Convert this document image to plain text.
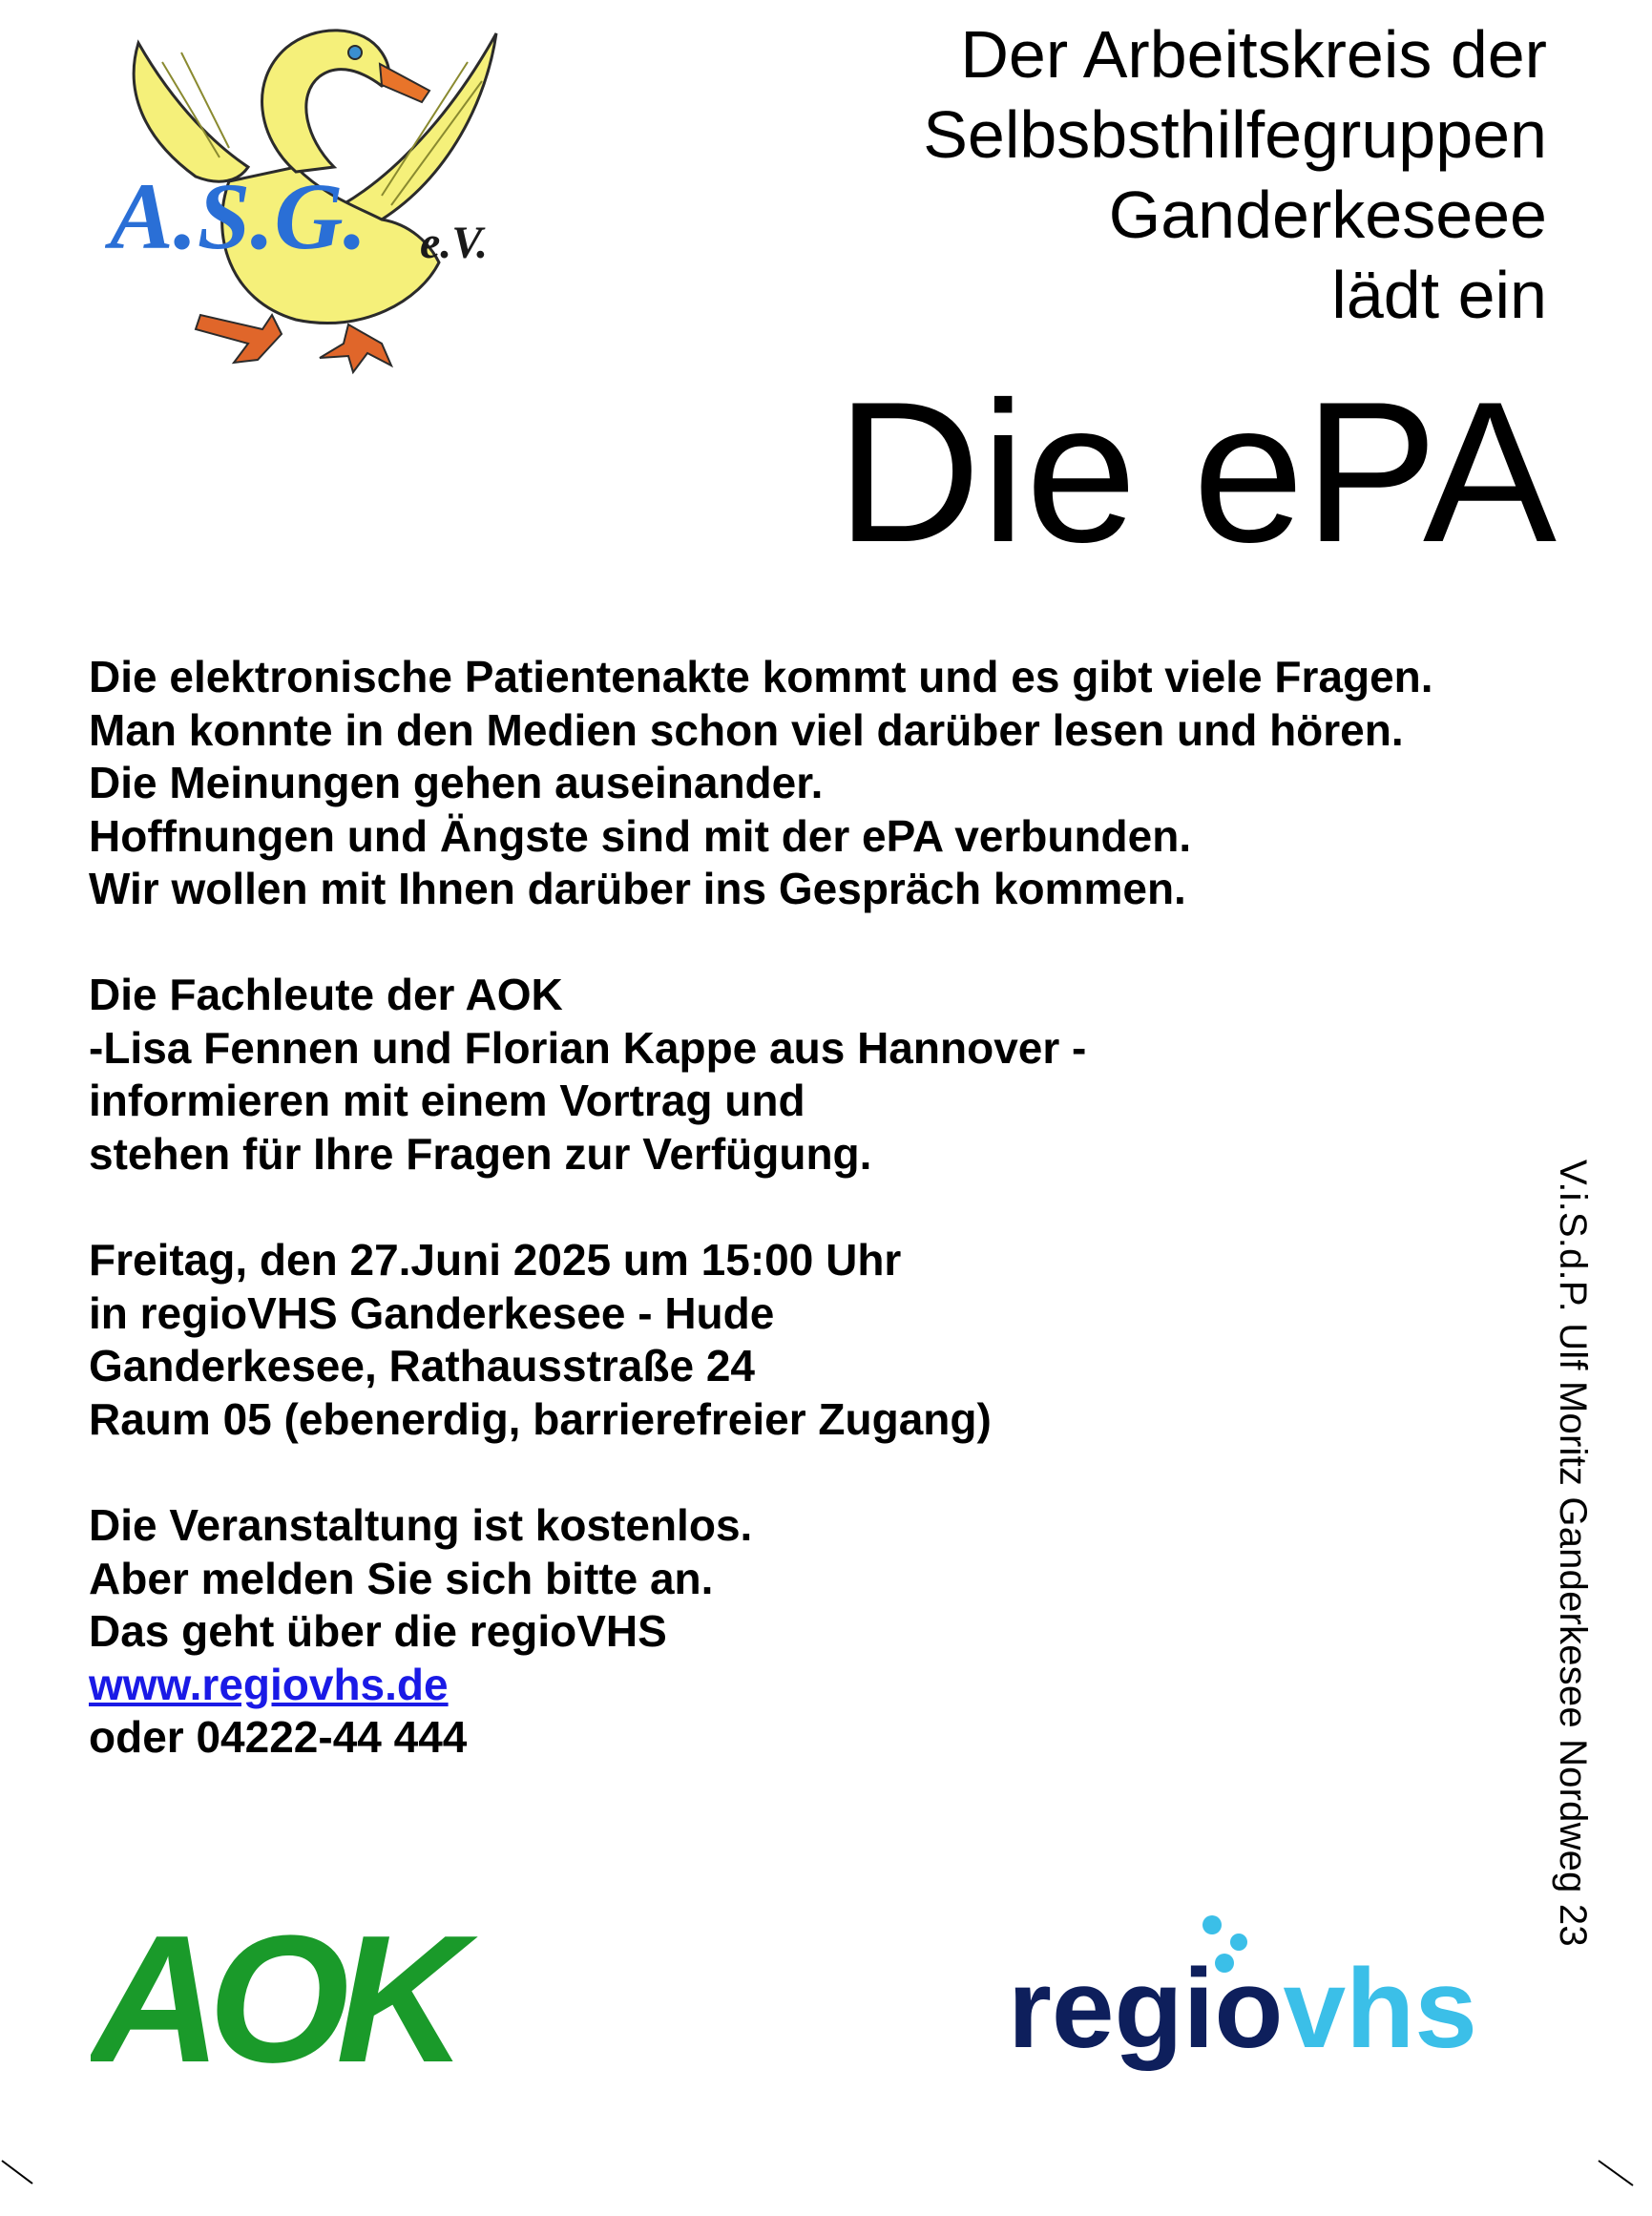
A.S.G. e.V.
Der Arbeitskreis der
Selbsbsthilfegruppen
Ganderkeseee
lädt ein
Die ePA
Die elektronische Patientenakte kommt und es gibt viele Fragen.
Man konnte in den Medien schon viel darüber lesen und hören.
Die Meinungen gehen auseinander.
Hoffnungen und Ängste sind mit der ePA verbunden.
Wir wollen mit Ihnen darüber ins Gespräch kommen.
Die Fachleute der AOK
-Lisa Fennen und Florian Kappe aus Hannover -
informieren mit einem Vortrag und
stehen für Ihre Fragen zur Verfügung.
Freitag, den 27.Juni 2025 um 15:00 Uhr
in regioVHS Ganderkesee - Hude
Ganderkesee, Rathausstraße 24
Raum 05 (ebenerdig, barrierefreier Zugang)
Die Veranstaltung ist kostenlos.
Aber melden Sie sich bitte an.
Das geht über die regioVHS
www.regiovhs.de
oder 04222-44 444	V.i.S.d.P. Ulf Moritz Ganderkesee Nordweg 23
AOK	regiovhs
